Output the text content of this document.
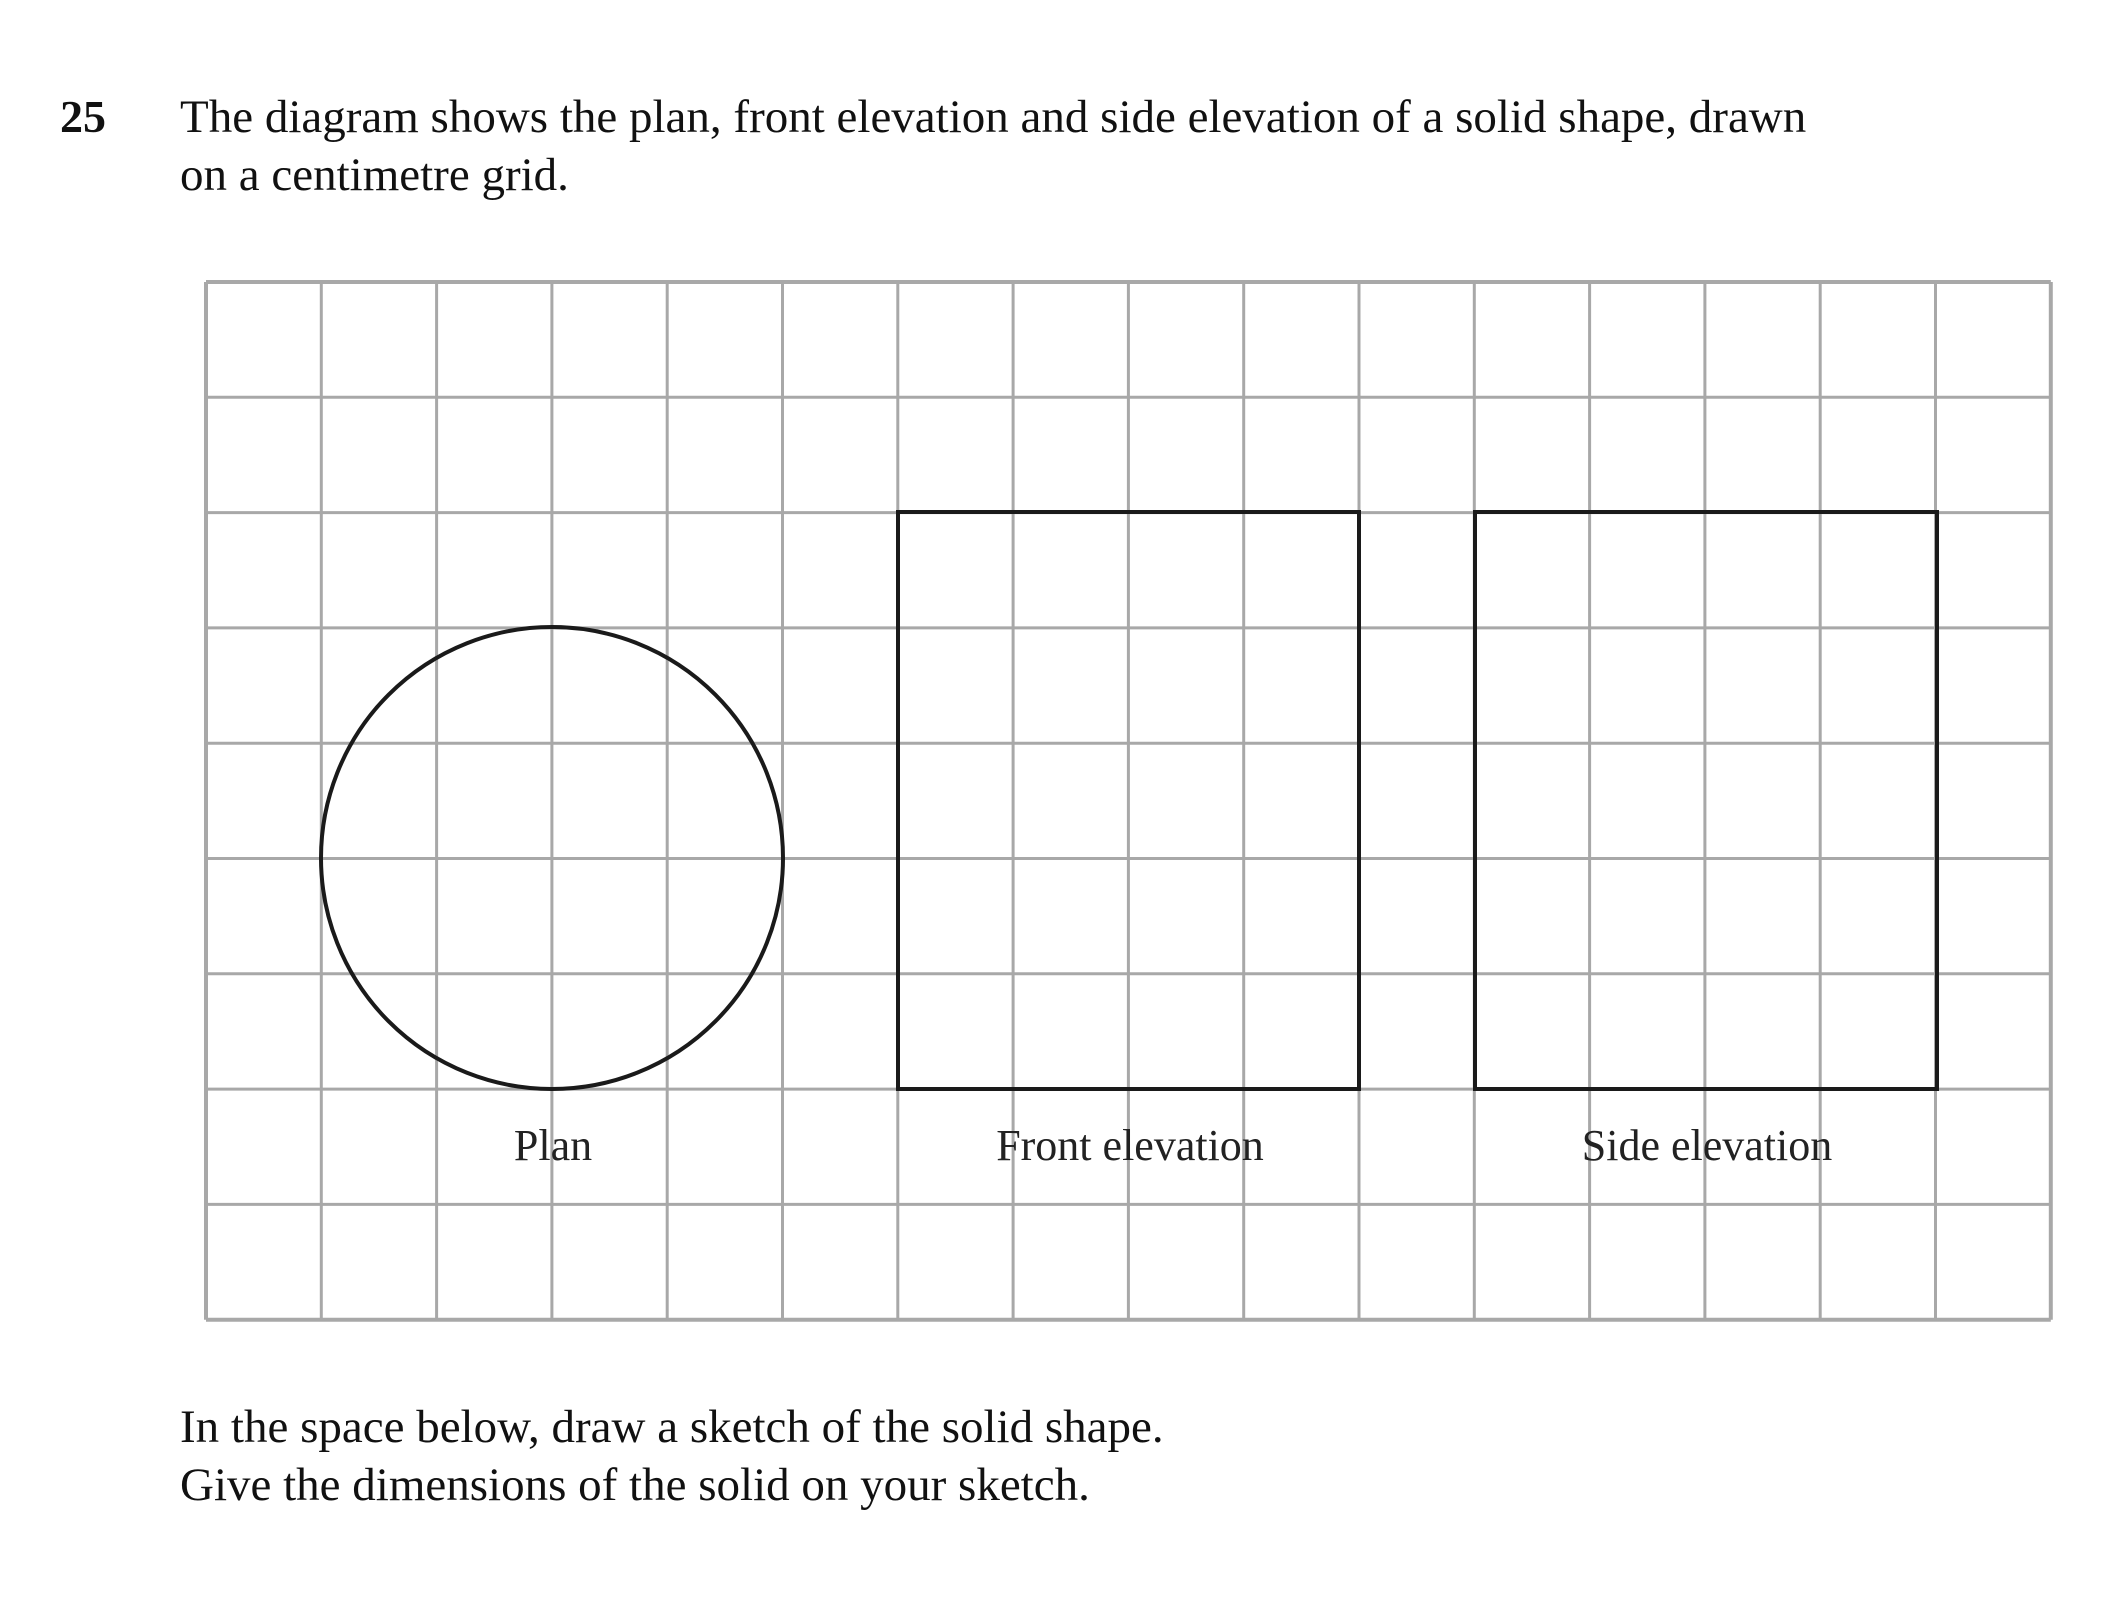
25 The diagram shows the plan, front elevation and side elevation of a solid shape, drawn
on a centimetre grid.
Plan	Front elevation	Side elevation
In the space below, draw a sketch of the solid shape.
Give the dimensions of the solid on your sketch.
